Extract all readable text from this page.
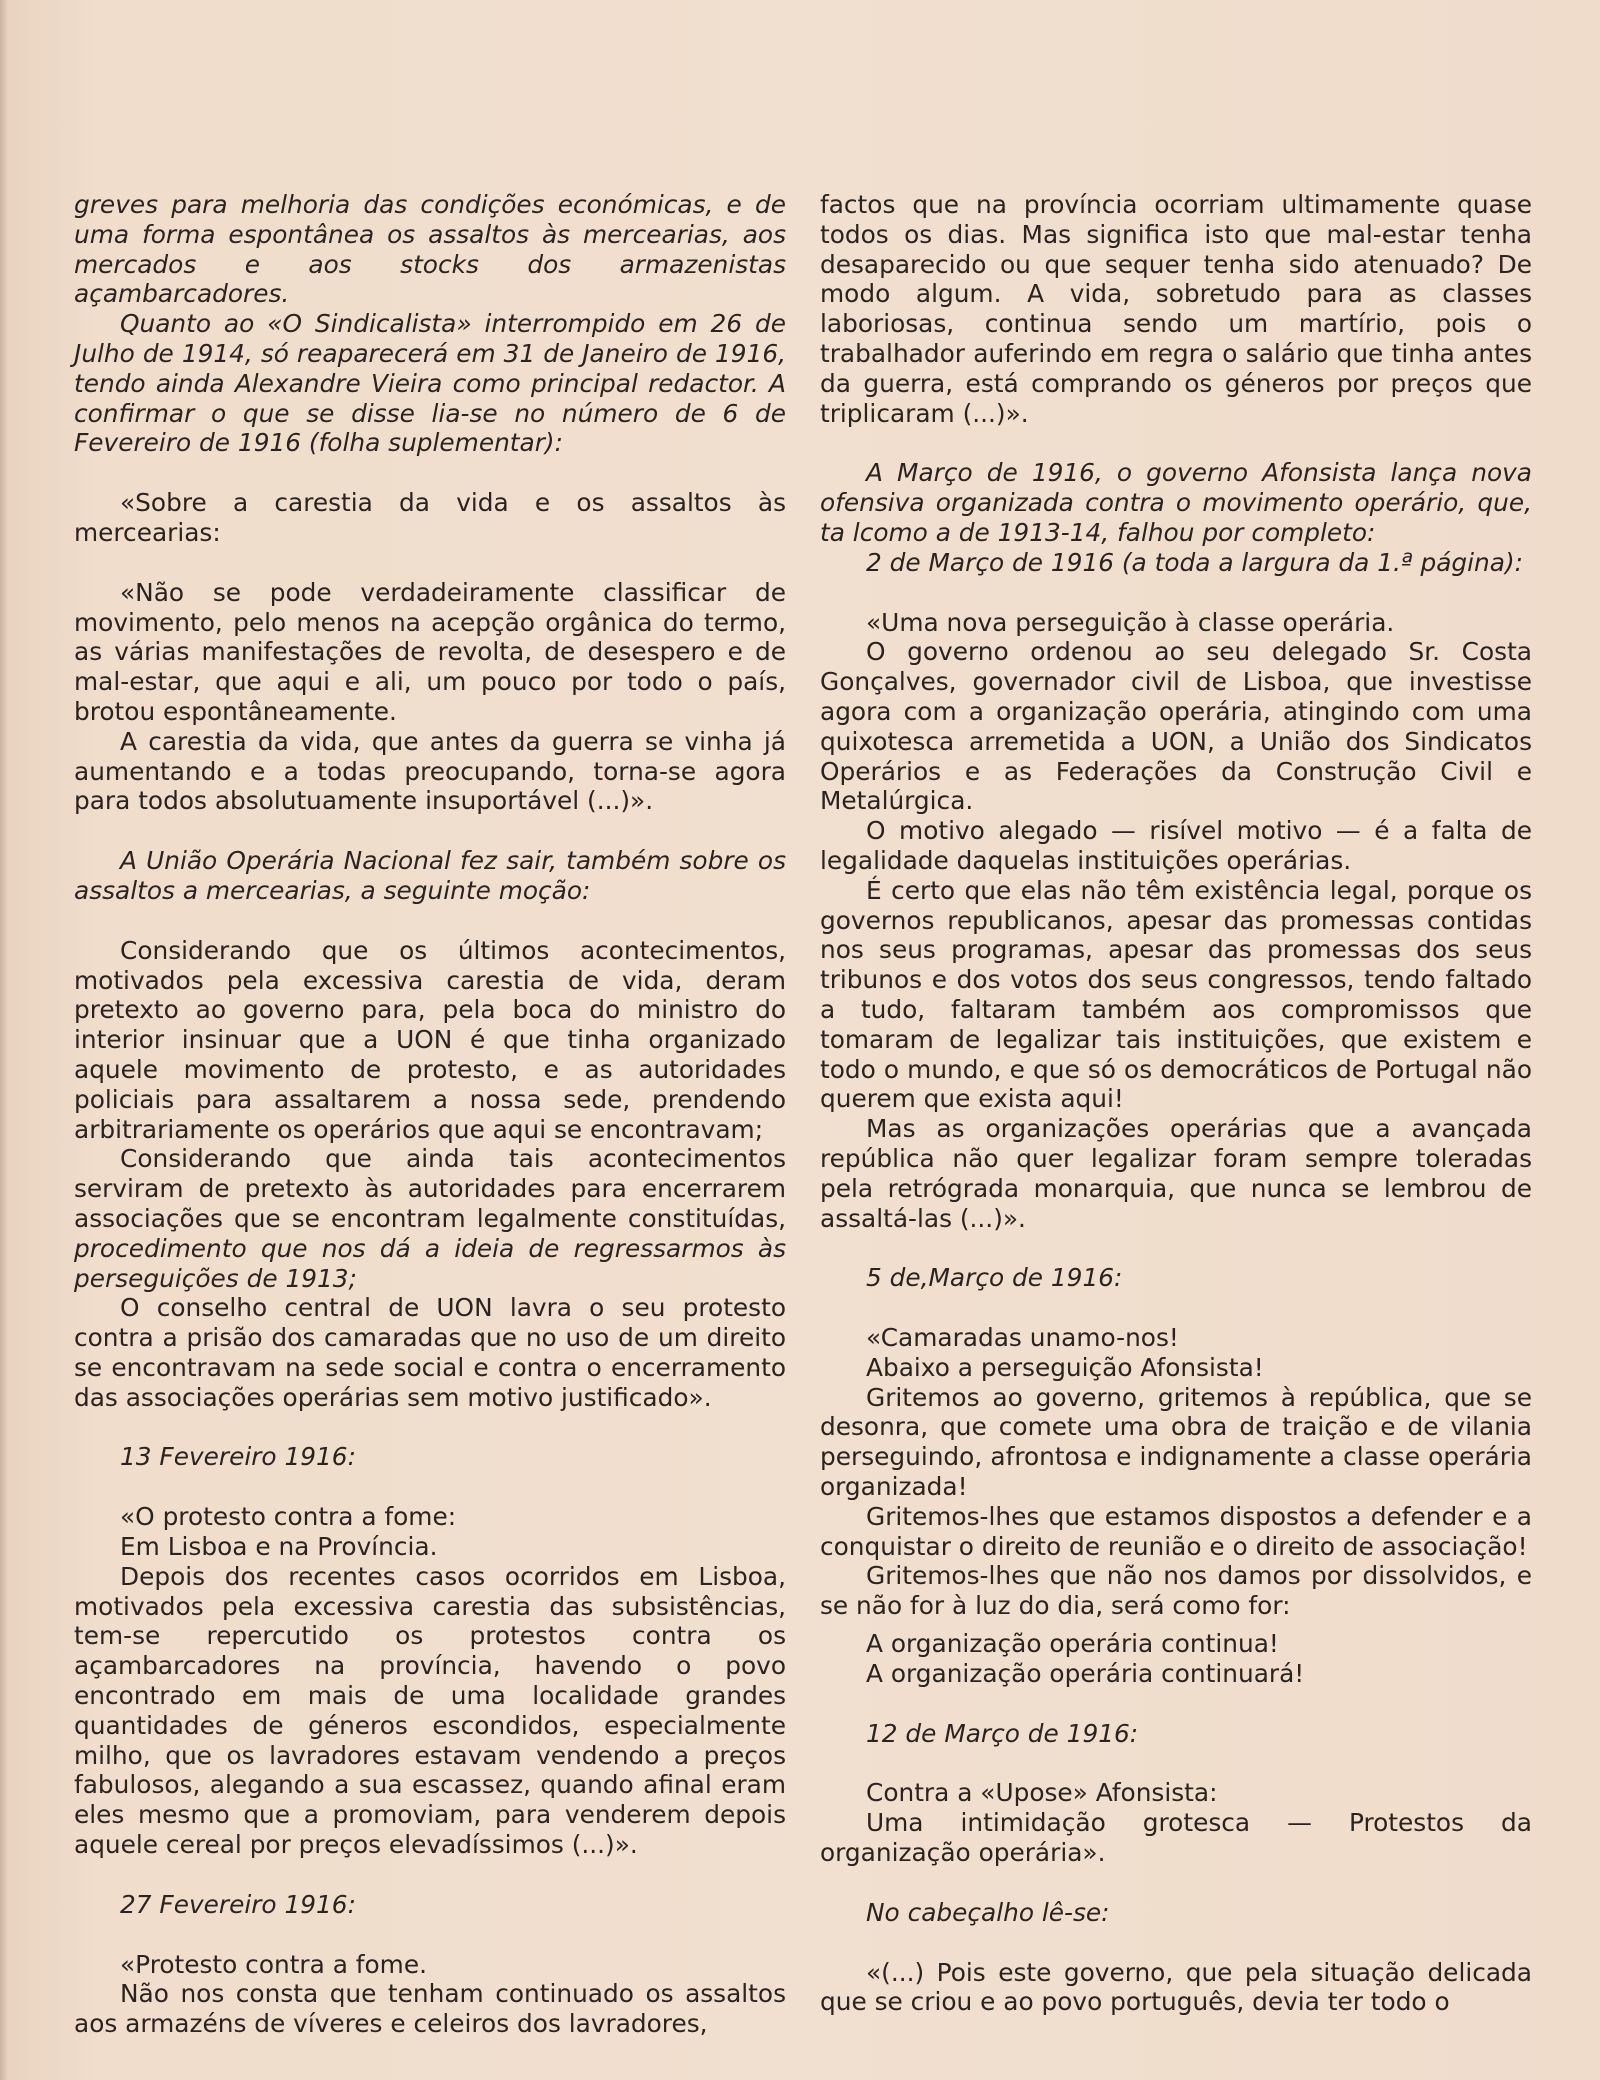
greves para melhoria das condições económicas, e de uma forma espontânea os assaltos às mercearias, aos mercados e aos stocks dos armazenistas açambarcadores.

Quanto ao «O Sindicalista» interrompido em 26 de Julho de 1914, só reaparecerá em 31 de Janeiro de 1916, tendo ainda Alexandre Vieira como principal redactor. A confirmar o que se disse lia-se no número de 6 de Fevereiro de 1916 (folha suplementar):

«Sobre a carestia da vida e os assaltos às mercearias:

«Não se pode verdadeiramente classificar de movimento, pelo menos na acepção orgânica do termo, as várias manifestações de revolta, de desespero e de mal-estar, que aqui e ali, um pouco por todo o país, brotou espontâneamente.

A carestia da vida, que antes da guerra se vinha já aumentando e a todas preocupando, torna-se agora para todos absolutuamente insuportável (...)».

A União Operária Nacional fez sair, também sobre os assaltos a mercearias, a seguinte moção:

Considerando que os últimos acontecimentos, motivados pela excessiva carestia de vida, deram pretexto ao governo para, pela boca do ministro do interior insinuar que a UON é que tinha organizado aquele movimento de protesto, e as autoridades policiais para assaltarem a nossa sede, prendendo arbitrariamente os operários que aqui se encontravam;

Considerando que ainda tais acontecimentos serviram de pretexto às autoridades para encerrarem associações que se encontram legalmente constituídas, procedimento que nos dá a ideia de regressarmos às perseguições de 1913;

O conselho central de UON lavra o seu protesto contra a prisão dos camaradas que no uso de um direito se encontravam na sede social e contra o encerramento das associações operárias sem motivo justificado».

13 Fevereiro 1916:

«O protesto contra a fome:

Em Lisboa e na Província.

Depois dos recentes casos ocorridos em Lisboa, motivados pela excessiva carestia das subsistências, tem-se repercutido os protestos contra os açambarcadores na província, havendo o povo encontrado em mais de uma localidade grandes quantidades de géneros escondidos, especialmente milho, que os lavradores estavam vendendo a preços fabulosos, alegando a sua escassez, quando afinal eram eles mesmo que a promoviam, para venderem depois aquele cereal por preços elevadíssimos (...)».

27 Fevereiro 1916:

«Protesto contra a fome.

Não nos consta que tenham continuado os assaltos aos armazéns de víveres e celeiros dos lavradores,

factos que na província ocorriam ultimamente quase todos os dias. Mas significa isto que mal-estar tenha desaparecido ou que sequer tenha sido atenuado? De modo algum. A vida, sobretudo para as classes laboriosas, continua sendo um martírio, pois o trabalhador auferindo em regra o salário que tinha antes da guerra, está comprando os géneros por preços que triplicaram (...)».

A Março de 1916, o governo Afonsista lança nova ofensiva organizada contra o movimento operário, que, ta lcomo a de 1913-14, falhou por completo:

2 de Março de 1916 (a toda a largura da 1.ª página):

«Uma nova perseguição à classe operária.

O governo ordenou ao seu delegado Sr. Costa Gonçalves, governador civil de Lisboa, que investisse agora com a organização operária, atingindo com uma quixotesca arremetida a UON, a União dos Sindicatos Operários e as Federações da Construção Civil e Metalúrgica.

O motivo alegado — risível motivo — é a falta de legalidade daquelas instituições operárias.

É certo que elas não têm existência legal, porque os governos republicanos, apesar das promessas contidas nos seus programas, apesar das promessas dos seus tribunos e dos votos dos seus congressos, tendo faltado a tudo, faltaram também aos compromissos que tomaram de legalizar tais instituições, que existem e todo o mundo, e que só os democráticos de Portugal não querem que exista aqui!

Mas as organizações operárias que a avançada república não quer legalizar foram sempre toleradas pela retrógrada monarquia, que nunca se lembrou de assaltá-las (...)».

5 de,Março de 1916:

«Camaradas unamo-nos!

Abaixo a perseguição Afonsista!

Gritemos ao governo, gritemos à república, que se desonra, que comete uma obra de traição e de vilania perseguindo, afrontosa e indignamente a classe operária organizada!

Gritemos-lhes que estamos dispostos a defender e a conquistar o direito de reunião e o direito de associação!

Gritemos-lhes que não nos damos por dissolvidos, e se não for à luz do dia, será como for:

A organização operária continua!

A organização operária continuará!

12 de Março de 1916:

Contra a «Upose» Afonsista:

Uma intimidação grotesca — Protestos da organização operária».

No cabeçalho lê-se:

«(...) Pois este governo, que pela situação delicada que se criou e ao povo português, devia ter todo o
